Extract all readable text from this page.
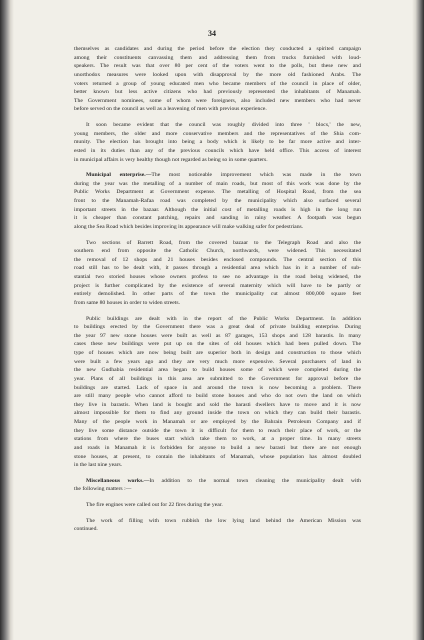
34
themselves as candidates and during the period before the election they conducted a spirited campaign
among their constituents canvassing them and addressing them from trucks furnished with loud-
speakers. The result was that over 80 per cent of the voters went to the polls, but these new and
unorthodox measures were looked upon with disapproval by the more old fashioned Arabs. The
voters returned a group of young educated men who became members of the council in place of older,
better known but less active citizens who had previously represented the inhabitants of Manamah.
The Government nominees, some of whom were foreigners, also included new members who had never
before served on the council as well as a leavening of men with previous experience.
It soon became evident that the council was roughly divided into three ' blocs,' the new,
young members, the older and more conservative members and the representatives of the Shia com-
munity. The election has brought into being a body which is likely to be far more active and inter-
ested in its duties than any of the previous councils which have held office. This access of interest
in municipal affairs is very healthy though not regarded as being so in some quarters.
Municipal enterprise.—The most noticeable improvement which was made in the town
during the year was the metalling of a number of main roads, but most of this work was done by the
Public Works Department at Government expense. The metalling of Hospital Road, from the sea
front to the Manamah-Rafaa road was completed by the municipality which also surfaced several
important streets in the bazaar. Although the initial cost of metalling roads is high in the long run
it is cheaper than constant patching, repairs and sanding in rainy weather. A footpath was begun
along the Sea Road which besides improving its appearance will make walking safer for pedestrians.
Two sections of Barrett Road, from the covered bazaar to the Telegraph Road and also the
southern end from opposite the Catholic Church, northwards, were widened. This necessitated
the removal of 12 shops and 21 houses besides enclosed compounds. The central section of this
road still has to be dealt with, it passes through a residential area which has in it a number of sub-
stantial two storied houses whose owners profess to see no advantage in the road being widened, the
project is further complicated by the existence of several maternity which will have to be partly or
entirely demolished. In other parts of the town the municipality cut almost 800,000 square feet
from same 80 houses in order to widen streets.
Public buildings are dealt with in the report of the Public Works Department. In addition
to buildings erected by the Government there was a great deal of private building enterprise. During
the year 97 new stone houses were built as well as 87 garages, 153 shops and 128 barastis. In many
cases these new buildings were put up on the sites of old houses which had been pulled down. The
type of houses which are now being built are superior both in design and construction to those which
were built a few years ago and they are very much more expensive. Several purchasers of land in
the new Gudhabia residential area began to build houses some of which were completed during the
year. Plans of all buildings in this area are submitted to the Government for approval before the
buildings are started. Lack of space in and around the town is now becoming a problem. There
are still many people who cannot afford to build stone houses and who do not own the land on which
they live in barastis. When land is bought and sold the barasti dwellers have to move and it is now
almost impossible for them to find any ground inside the town on which they can build their barastis.
Many of the people work in Manamah or are employed by the Bahrain Petroleum Company and if
they live some distance outside the town it is difficult for them to reach their place of work, or the
stations from where the buses start which take them to work, at a proper time. In many streets
and roads in Manamah it is forbidden for anyone to build a new barasti but there are not enough
stone houses, at present, to contain the inhabitants of Manamah, whose population has almost doubled
in the last nine years.
Miscellaneous works.—In addition to the normal town cleaning the municipality dealt with
the following matters :—
The fire engines were called out for 22 fires during the year.
The work of filling with town rubbish the low lying land behind the American Mission was
continued.
